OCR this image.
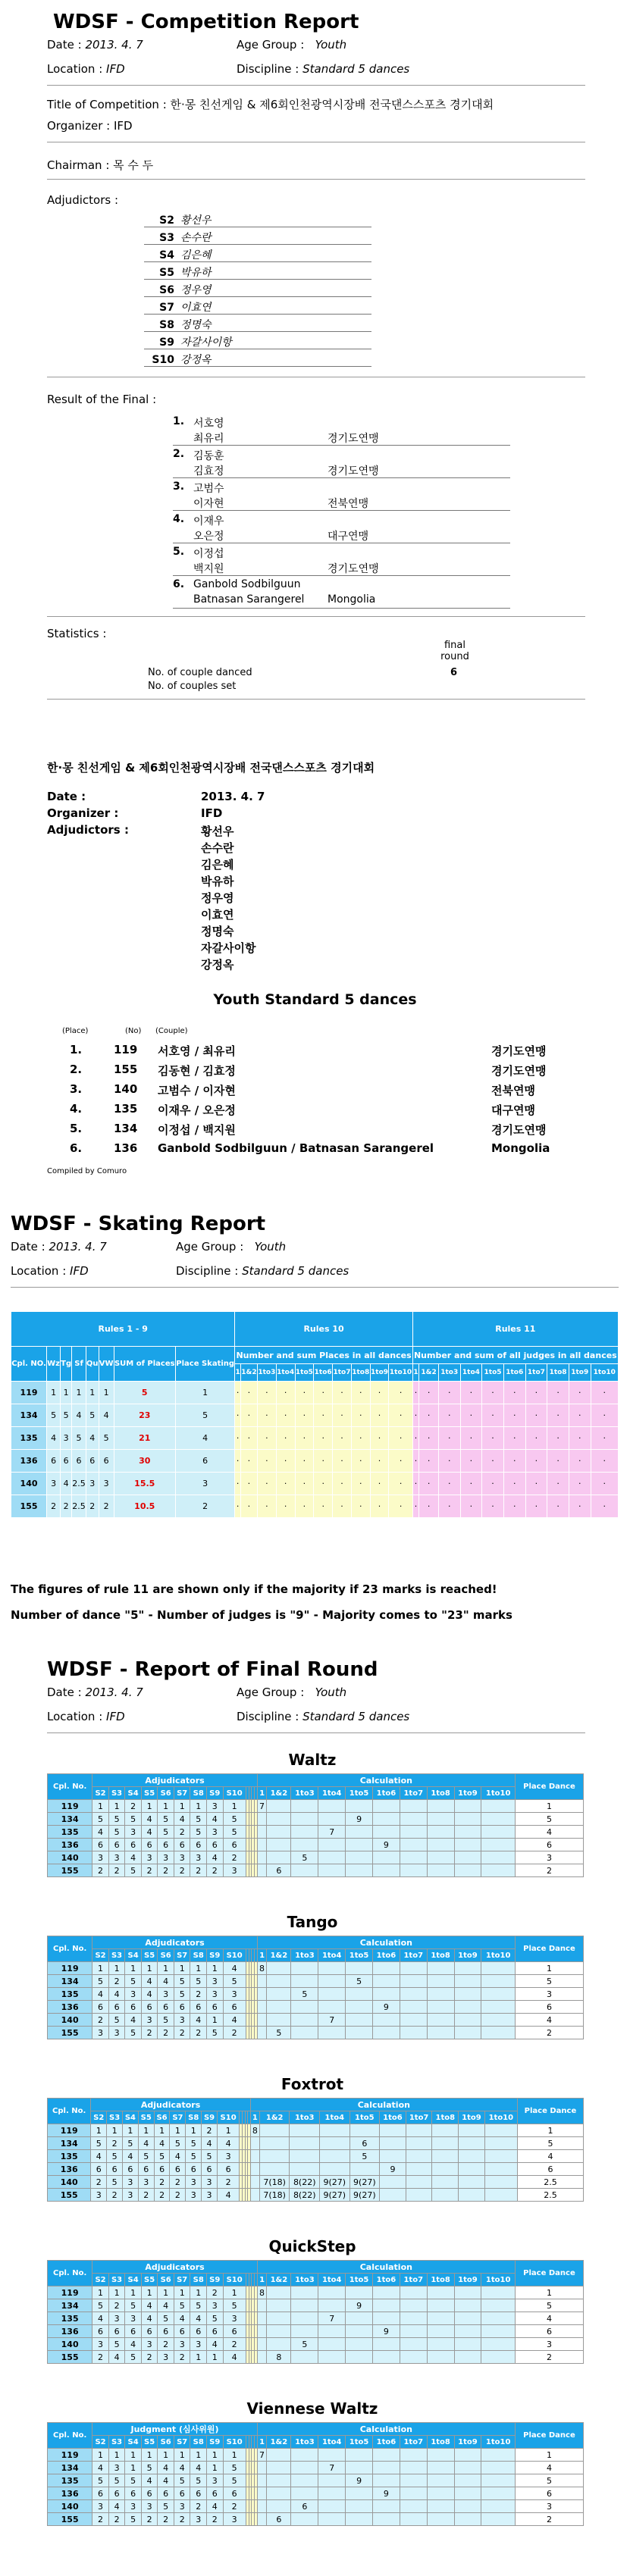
WDSF - Competition Report
Date : 2013. 4. 7	Age Group : Youth
Location : IFD	Discipline : Standard 5 dances
Title of Competition : 한·몽 친선게임 & 제6회인천광역시장배 전국댄스스포츠 경기대회
Organizer : IFD
Chairman : 목 수 두
Adjudictors :
S2 황선우
S3 손수란
S4 김은혜
S5 박유하
S6 정우영
S7 이효연
S8 정명숙
S9 자갈사이항
S10 강정옥
Result of the Final :
1. 서호영
최유리	경기도연맹
2. 김동훈
김효정	경기도연맹
3. 고범수
이자현	전북연맹
4. 이재우
오은정	대구연맹
5. 이정섭
백지원	경기도연맹
6. Ganbold Sodbilguun
Batnasan Sarangerel Mongolia
Statistics :
final round
No. of couple danced	6
No. of couples set
한·몽 친선게임 & 제6회인천광역시장배 전국댄스스포츠 경기대회
Date :	2013. 4. 7
Organizer :	IFD
Adjudictors :	황선우
손수란
김은혜
박유하
정우영
이효연
정명숙
자갈사이항
강정옥
Youth Standard 5 dances
(Place)	(No) (Couple)
1.	119 서호영 / 최유리	경기도연맹
2.	155 김동현 / 김효정	경기도연맹
3.	140 고범수 / 이자현	전북연맹
4.	135 이재우 / 오은정	대구연맹
5.	134 이정섭 / 백지원	경기도연맹
6.	136 Ganbold Sodbilguun / Batnasan Sarangerel	Mongolia
Compiled by Comuro
WDSF - Skating Report
Date : 2013. 4. 7	Age Group : Youth
Location : IFD	Discipline : Standard 5 dances
Rules 1 - 9								Rules 10										Rules 11									
Cpl. NO.	Wz	Tg	Sf	Qu	VW	SUM of Places	Place Skating	Number and sum Places in all dances										Number and sum of all judges in all dances									
								1	1&2	1to3	1to4	1to5	1to6	1to7	1to8	1to9	1to10	1	1&2	1to3	1to4	1to5	1to6	1to7	1to8	1to9	1to10
119	1	1	1	1	1	5	1	·	·	·	·	·	·	·	·	·	·	·	·	·	·	·	·	·	·	·	·
134	5	5	4	5	4	23	5	·	·	·	·	·	·	·	·	·	·	·	·	·	·	·	·	·	·	·	·
135	4	3	5	4	5	21	4	·	·	·	·	·	·	·	·	·	·	·	·	·	·	·	·	·	·	·	·
136	6	6	6	6	6	30	6	·	·	·	·	·	·	·	·	·	·	·	·	·	·	·	·	·	·	·	·
140	3	4	2.5	3	3	15.5	3	·	·	·	·	·	·	·	·	·	·	·	·	·	·	·	·	·	·	·	·
155	2	2	2.5	2	2	10.5	2	·	·	·	·	·	·	·	·	·	·	·	·	·	·	·	·	·	·	·	·
The figures of rule 11 are shown only if the majority if 23 marks is reached!
Number of dance "5" - Number of judges is "9" - Majority comes to "23" marks
WDSF - Report of Final Round
Date : 2013. 4. 7	Age Group : Youth
Location : IFD	Discipline : Standard 5 dances
Waltz
Cpl. No.	Adjudicators													Calculation										Place Dance
	S2	S3	S4	S5	S6	S7	S8	S9	S10					1	1&2	1to3	1to4	1to5	1to6	1to7	1to8	1to9	1to10	
119	1	1	2	1	1	1	1	3	1					7										1
134	5	5	5	4	5	4	5	4	5									9						5
135	4	5	3	4	5	2	5	3	5								7							4
136	6	6	6	6	6	6	6	6	6										9					6
140	3	3	4	3	3	3	3	4	2							5								3
155	2	2	5	2	2	2	2	2	3						6									2
Tango
Cpl. No.	Adjudicators													Calculation										Place Dance
	S2	S3	S4	S5	S6	S7	S8	S9	S10					1	1&2	1to3	1to4	1to5	1to6	1to7	1to8	1to9	1to10	
119	1	1	1	1	1	1	1	1	4					8										1
134	5	2	5	4	4	5	5	3	5									5						5
135	4	4	3	4	3	5	2	3	3							5								3
136	6	6	6	6	6	6	6	6	6										9					6
140	2	5	4	3	5	3	4	1	4								7							4
155	3	3	5	2	2	2	2	5	2						5									2
Foxtrot
Cpl. No.	Adjudicators													Calculation										Place Dance
	S2	S3	S4	S5	S6	S7	S8	S9	S10					1	1&2	1to3	1to4	1to5	1to6	1to7	1to8	1to9	1to10	
119	1	1	1	1	1	1	1	2	1					8										1
134	5	2	5	4	4	5	5	4	4									6						5
135	4	5	4	5	5	4	5	5	3									5						4
136	6	6	6	6	6	6	6	6	6										9					6
140	2	5	3	3	2	2	3	3	2						7(18)	8(22)	9(27)	9(27)						2.5
155	3	2	3	2	2	2	3	3	4						7(18)	8(22)	9(27)	9(27)						2.5
QuickStep
Cpl. No.	Adjudicators													Calculation										Place Dance
	S2	S3	S4	S5	S6	S7	S8	S9	S10					1	1&2	1to3	1to4	1to5	1to6	1to7	1to8	1to9	1to10	
119	1	1	1	1	1	1	1	2	1					8										1
134	5	2	5	4	4	5	5	3	5									9						5
135	4	3	3	4	5	4	4	5	3								7							4
136	6	6	6	6	6	6	6	6	6										9					6
140	3	5	4	3	2	3	3	4	2							5								3
155	2	4	5	2	3	2	1	1	4						8									2
Viennese Waltz
Cpl. No.	Judgment (심사위원)													Calculation										Place Dance
	S2	S3	S4	S5	S6	S7	S8	S9	S10					1	1&2	1to3	1to4	1to5	1to6	1to7	1to8	1to9	1to10	
119	1	1	1	1	1	1	1	1	1					7										1
134	4	3	1	5	4	4	4	1	5								7							4
135	5	5	5	4	4	5	5	3	5									9						5
136	6	6	6	6	6	6	6	6	6										9					6
140	3	4	3	3	5	3	2	4	2							6								3
155	2	2	5	2	2	2	3	2	3						6									2
